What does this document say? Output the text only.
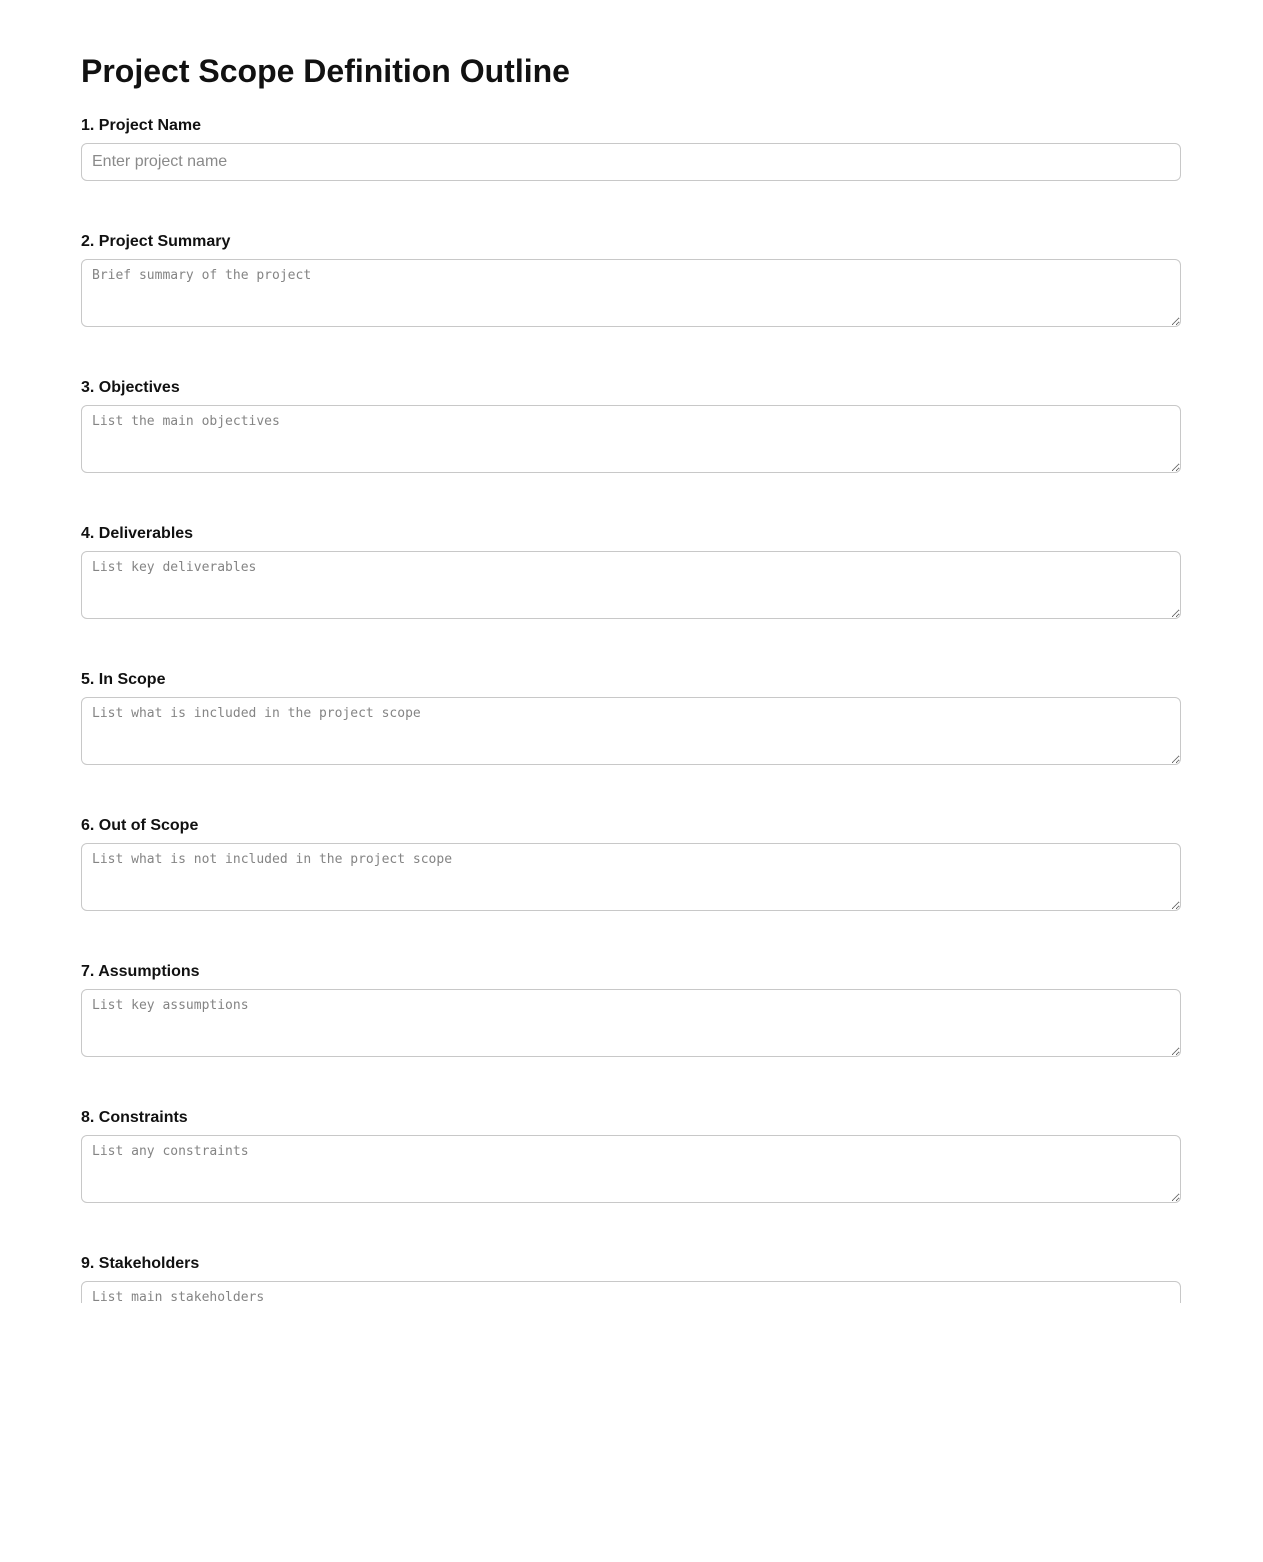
Project Scope Definition Outline
1. Project Name
Enter project name
2. Project Summary
Brief summary of the project
3. Objectives
List the main objectives
4. Deliverables
List key deliverables
5. In Scope
List what is included in the project scope
6. Out of Scope
List what is not included in the project scope
7. Assumptions
List key assumptions
8. Constraints
List any constraints
9. Stakeholders
List main stakeholders
